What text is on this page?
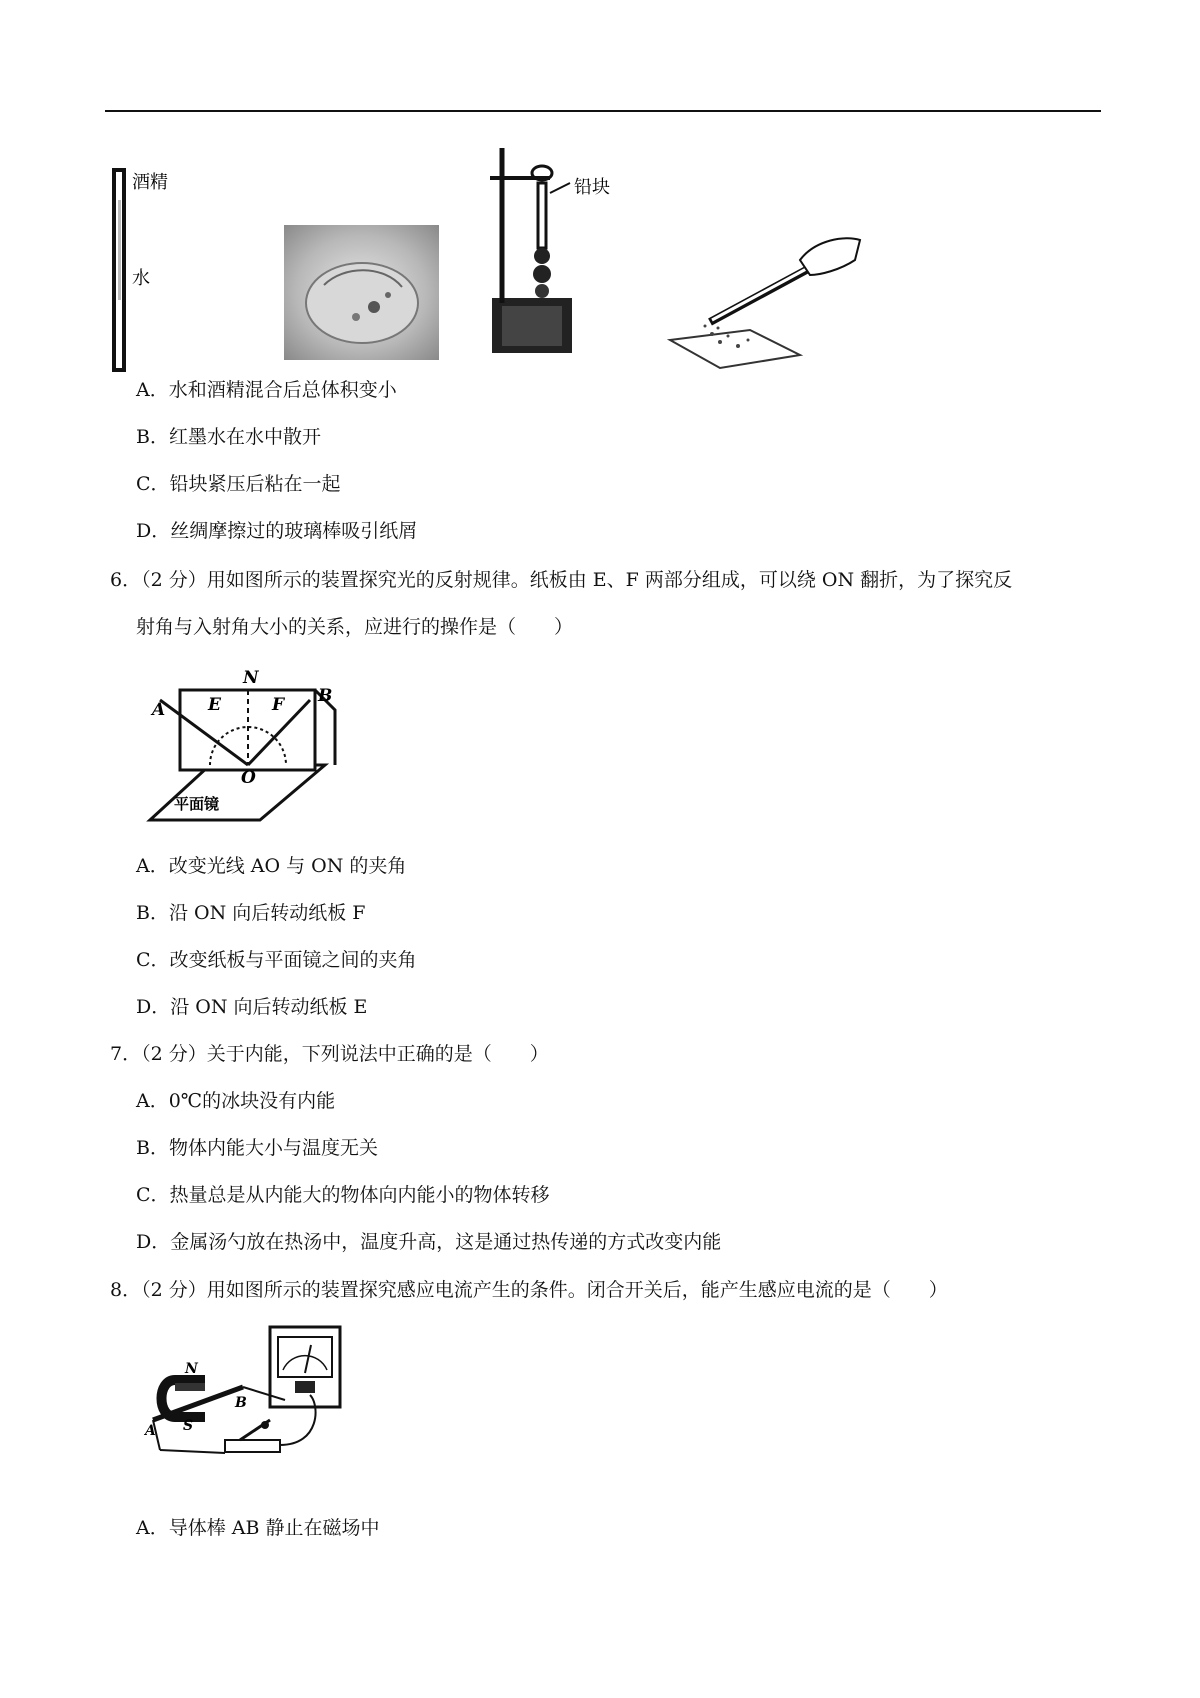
酒精
水
铅块
A．水和酒精混合后总体积变小
B．红墨水在水中散开
C．铅块紧压后粘在一起
D．丝绸摩擦过的玻璃棒吸引纸屑
6．（2 分）用如图所示的装置探究光的反射规律。纸板由 E、F 两部分组成，可以绕 ON 翻折，为了探究反
射角与入射角大小的关系，应进行的操作是（　　）
N
A
B
E	F
O
平面镜
A．改变光线 AO 与 ON 的夹角
B．沿 ON 向后转动纸板 F
C．改变纸板与平面镜之间的夹角
D．沿 ON 向后转动纸板 E
7．（2 分）关于内能，下列说法中正确的是（　　）
A．0℃的冰块没有内能
B．物体内能大小与温度无关
C．热量总是从内能大的物体向内能小的物体转移
D．金属汤勺放在热汤中，温度升高，这是通过热传递的方式改变内能
8．（2 分）用如图所示的装置探究感应电流产生的条件。闭合开关后，能产生感应电流的是（　　）
N
S
A
B
A．导体棒 AB 静止在磁场中
